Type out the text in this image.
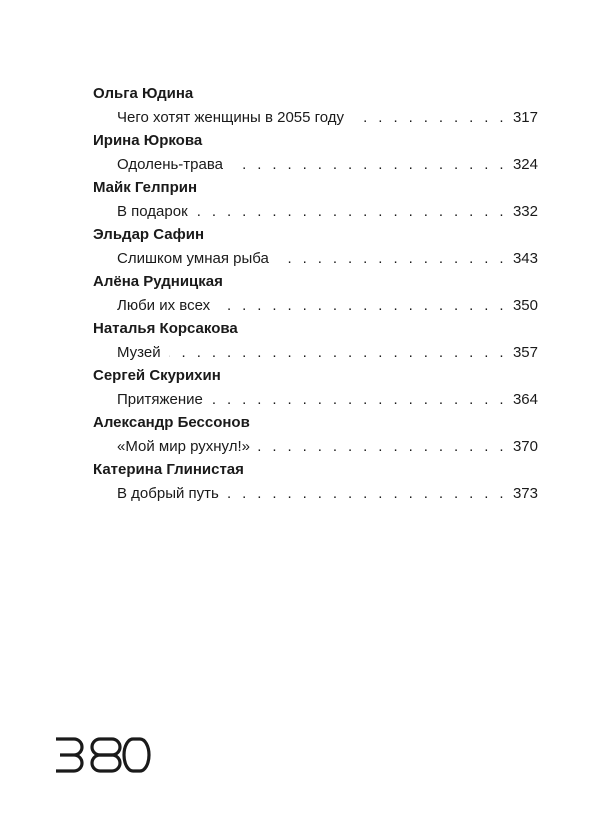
Ольга Юдина
Чего хотят женщины в 2055 году . . .	317
Ирина Юркова
Одолень-трава . . .	324
Майк Гелприн
В подарок . . .	332
Эльдар Сафин
Слишком умная рыба . . .	343
Алёна Рудницкая
Люби их всех . . .	350
Наталья Корсакова
Музей . . .	357
Сергей Скурихин
Притяжение . . .	364
Александр Бессонов
«Мой мир рухнул!» . . .	370
Катерина Глинистая
В добрый путь . . .	373
